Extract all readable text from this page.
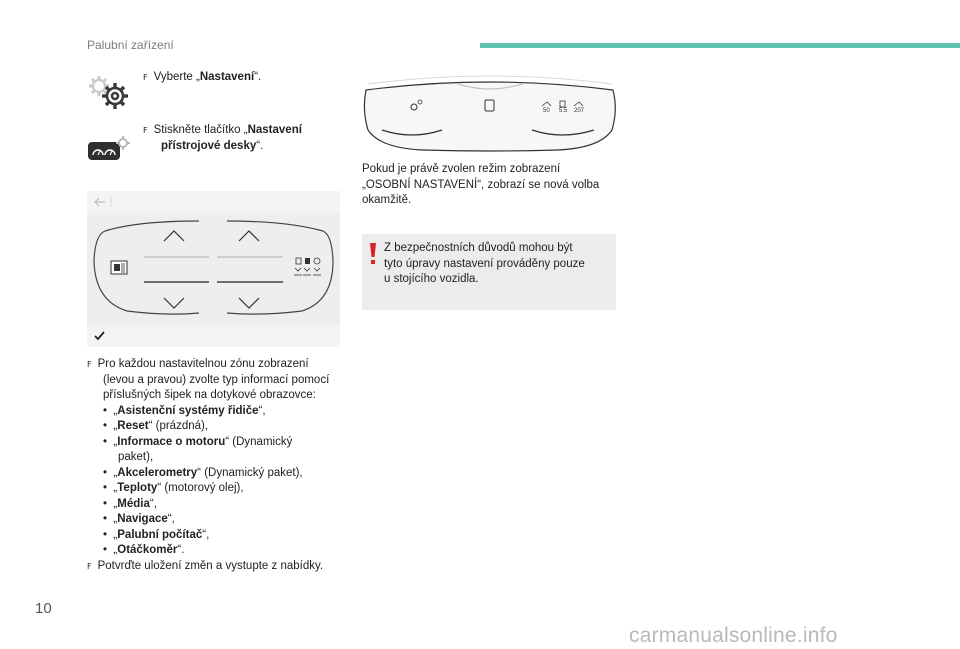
Palubní zařízení
F Vyberte „Nastavení“.
F Stiskněte tlačítko „Nastavení
přístrojové desky“.
F Pro každou nastavitelnou zónu zobrazení
(levou a pravou) zvolte typ informací pomocí
příslušných šipek na dotykové obrazovce:
•  „Asistenční systémy řidiče“,
•  „Reset“ (prázdná),
•  „Informace o motoru“ (Dynamický
paket),
•  „Akcelerometry“ (Dynamický paket),
•  „Teploty“ (motorový olej),
•  „Média“,
•  „Navigace“,
•  „Palubní počítač“,
•  „Otáčkoměr“.
F Potvrďte uložení změn a vystupte z nabídky.
50 5.5 207
Pokud je právě zvolen režim zobrazení
„OSOBNÍ NASTAVENÍ“, zobrazí se nová volba
okamžitě.
Z bezpečnostních důvodů mohou být
tyto úpravy nastavení prováděny pouze
u stojícího vozidla.
10
carmanualsonline.info
